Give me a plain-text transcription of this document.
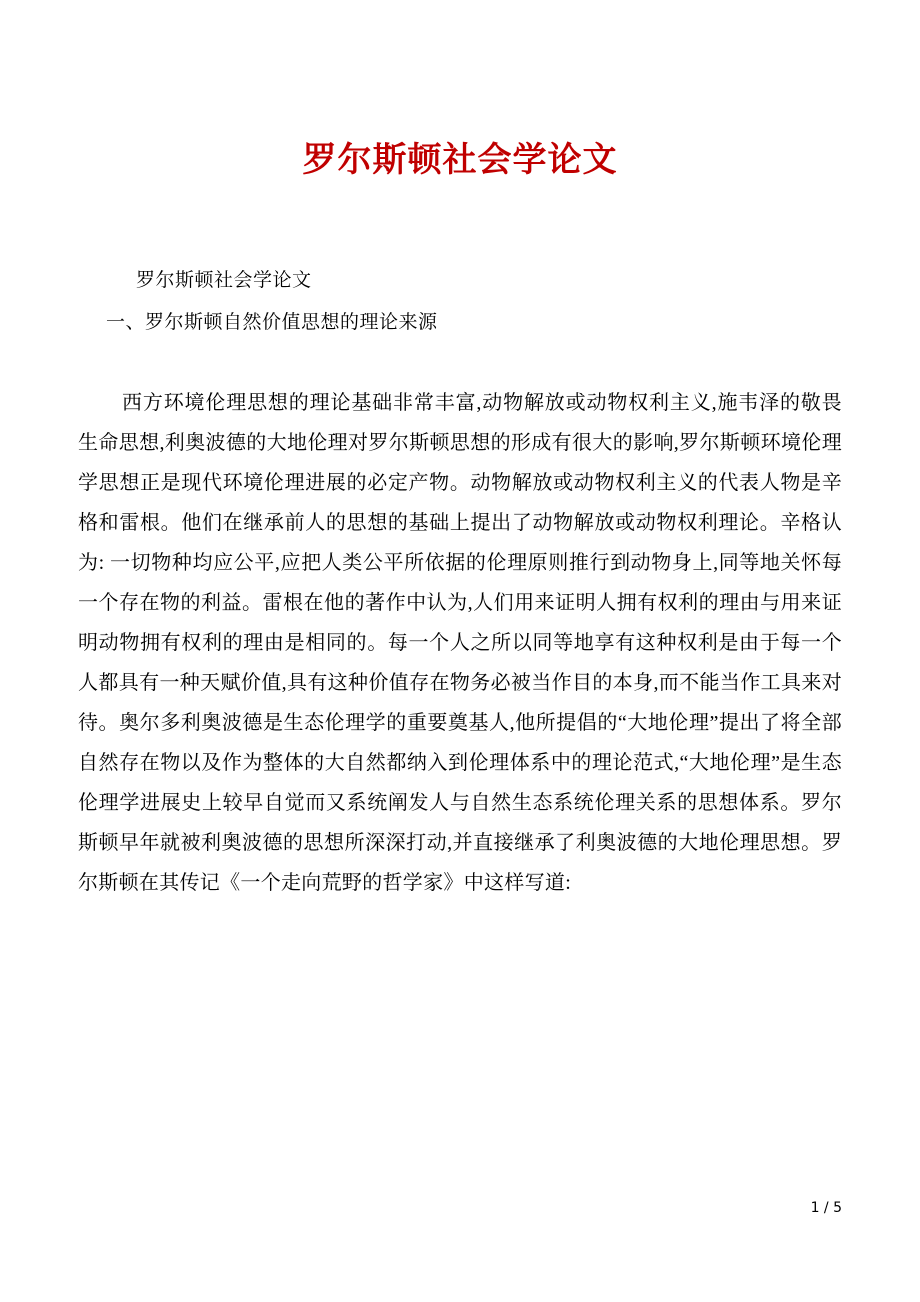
罗尔斯顿社会学论文
罗尔斯顿社会学论文
一、罗尔斯顿自然价值思想的理论来源

西方环境伦理思想的理论基础非常丰富,动物解放或动物权利主义,施韦泽的敬畏生命思想,利奥波德的大地伦理对罗尔斯顿思想的形成有很大的影响,罗尔斯顿环境伦理学思想正是现代环境伦理进展的必定产物。动物解放或动物权利主义的代表人物是辛格和雷根。他们在继承前人的思想的基础上提出了动物解放或动物权利理论。辛格认为: 一切物种均应公平,应把人类公平所依据的伦理原则推行到动物身上,同等地关怀每一个存在物的利益。雷根在他的著作中认为,人们用来证明人拥有权利的理由与用来证明动物拥有权利的理由是相同的。每一个人之所以同等地享有这种权利是由于每一个人都具有一种天赋价值,具有这种价值存在物务必被当作目的本身,而不能当作工具来对待。奥尔多利奥波德是生态伦理学的重要奠基人,他所提倡的“大地伦理”提出了将全部自然存在物以及作为整体的大自然都纳入到伦理体系中的理论范式,“大地伦理”是生态伦理学进展史上较早自觉而又系统阐发人与自然生态系统伦理关系的思想体系。罗尔斯顿早年就被利奥波德的思想所深深打动,并直接继承了利奥波德的大地伦理思想。罗尔斯顿在其传记《一个走向荒野的哲学家》中这样写道:

1 / 5
